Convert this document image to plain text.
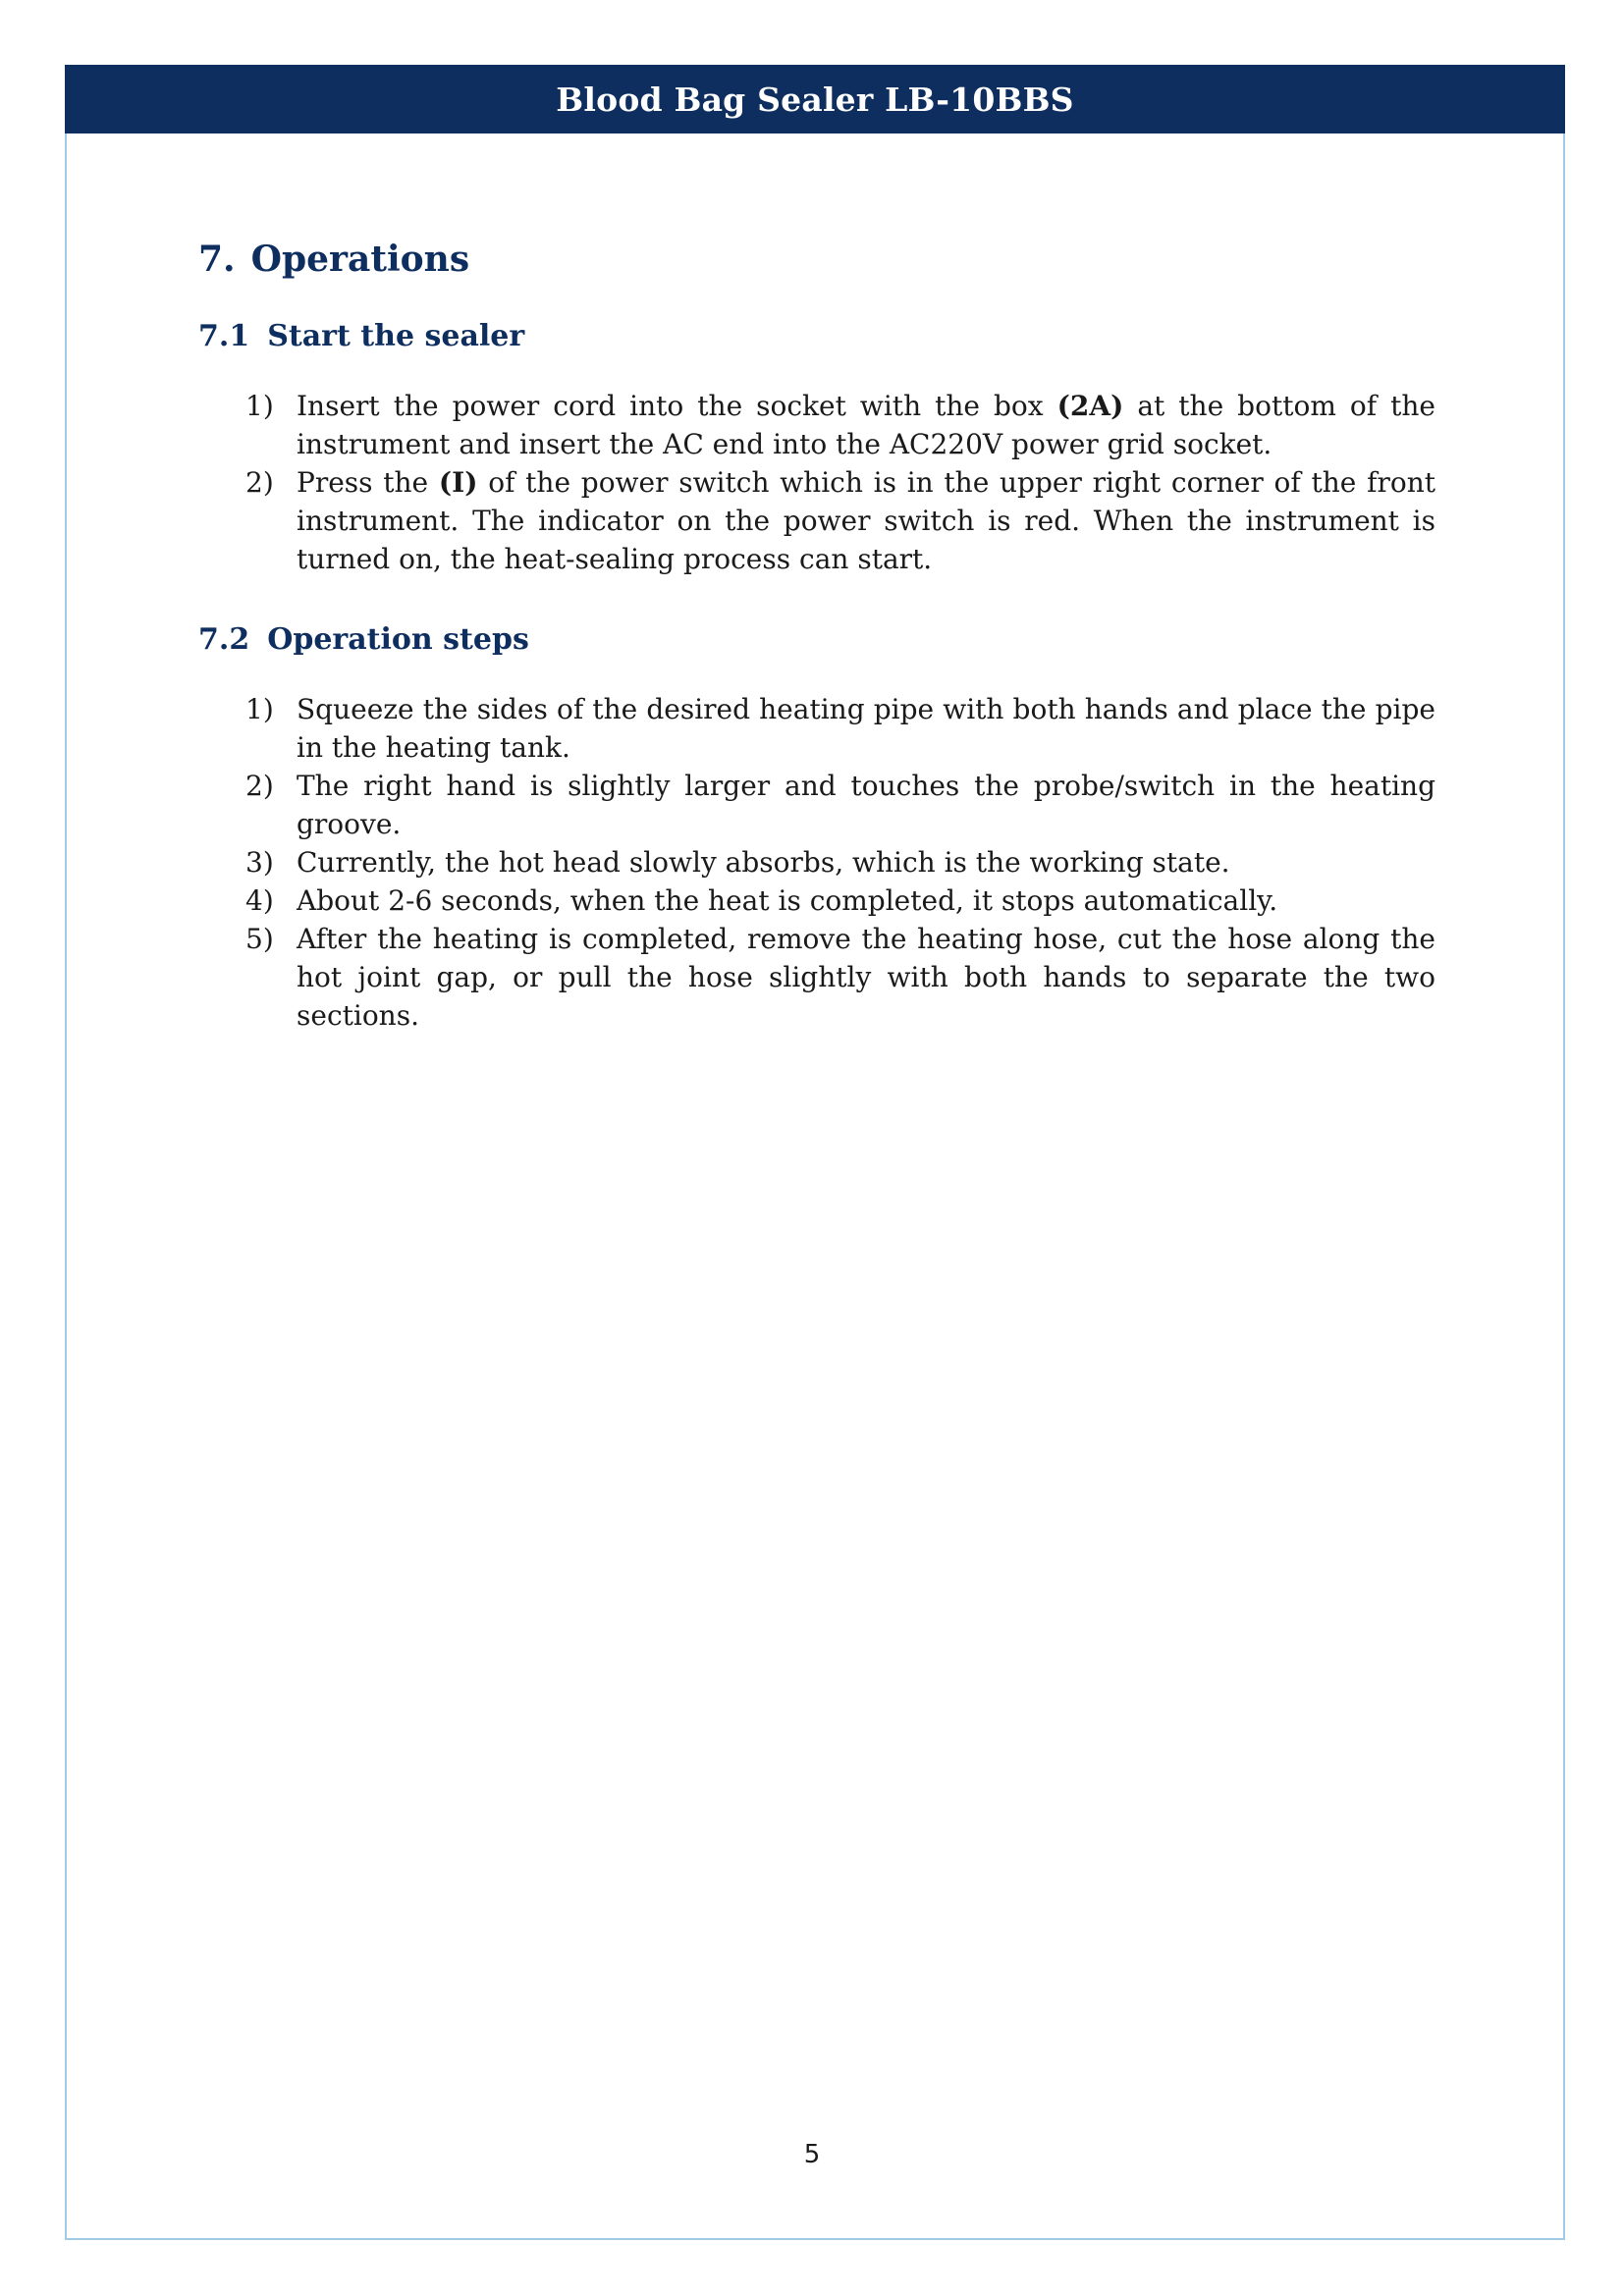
Blood Bag Sealer LB-10BBS
7. Operations
7.1 Start the sealer
1) Insert the power cord into the socket with the box (2A) at the bottom of the instrument and insert the AC end into the AC220V power grid socket.
2) Press the (I) of the power switch which is in the upper right corner of the front instrument. The indicator on the power switch is red. When the instrument is turned on, the heat-sealing process can start.
7.2 Operation steps
1) Squeeze the sides of the desired heating pipe with both hands and place the pipe in the heating tank.
2) The right hand is slightly larger and touches the probe/switch in the heating groove.
3) Currently, the hot head slowly absorbs, which is the working state.
4) About 2-6 seconds, when the heat is completed, it stops automatically.
5) After the heating is completed, remove the heating hose, cut the hose along the hot joint gap, or pull the hose slightly with both hands to separate the two sections.
5
